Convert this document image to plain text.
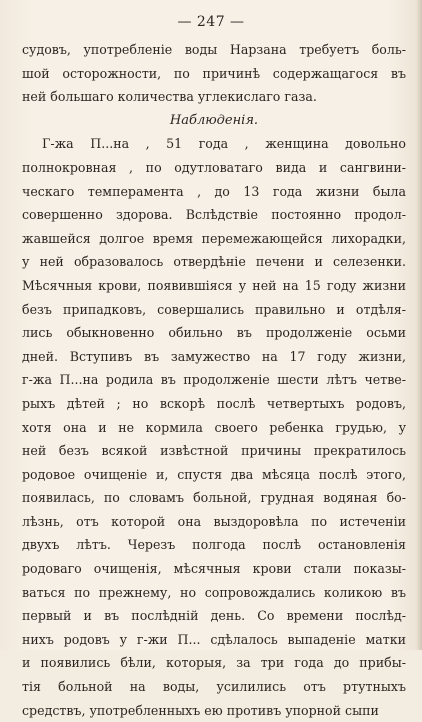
— 247 —
судовъ, употребленіе воды Нарзана требуетъ боль-
шой осторожности, по причинѣ содержащагося въ
ней большаго количества углекислаго газа.
Наблюденія.
Г-жа П...на , 51 года , женщина довольно
полнокровная , по одутловатаго вида и сангвини-
ческаго темперамента , до 13 года жизни была
совершенно здорова. Вслѣдствіе постоянно продол-
жавшейся долгое время перемежающейся лихорадки,
у ней образовалось отвердѣніе печени и селезенки.
Мѣсячныя крови, появившіяся у ней на 15 году жизни
безъ припадковъ, совершались правильно и отдѣля-
лись обыкновенно обильно въ продолженіе осьми
дней. Вступивъ въ замужество на 17 году жизни,
г-жа П...на родила въ продолженіе шести лѣтъ четве-
рыхъ дѣтей ; но вскорѣ послѣ четвертыхъ родовъ,
хотя она и не кормила своего ребенка грудью, у
ней безъ всякой извѣстной причины прекратилось
родовое очищеніе и, спустя два мѣсяца послѣ этого,
появилась, по словамъ больной, грудная водяная бо-
лѣзнь, отъ которой она выздоровѣла по истеченіи
двухъ лѣтъ. Черезъ полгода послѣ остановленія
родоваго очищенія, мѣсячныя крови стали показы-
ваться по прежнему, но сопровождались коликою въ
первый и въ послѣдній день. Со времени послѣд-
нихъ родовъ у г-жи П... сдѣлалось выпаденіе матки
и появились бѣли, которыя, за три года до прибы-
тія больной на воды, усилились отъ ртутныхъ
средствъ, употребленныхъ ею противъ упорной сыпи
